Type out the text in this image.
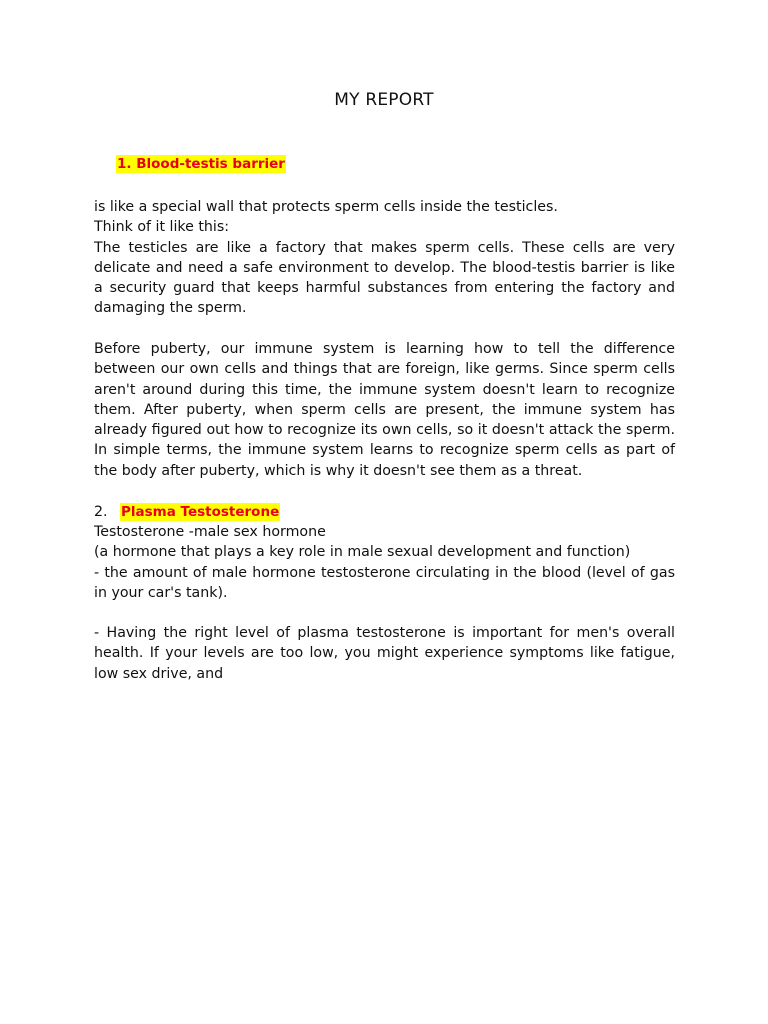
MY REPORT
1. Blood-testis barrier

is like a special wall that protects sperm cells inside the testicles.

Think of it like this:

The testicles are like a factory that makes sperm cells. These cells are very delicate and need a safe environment to develop. The blood-testis barrier is like a security guard that keeps harmful substances from entering the factory and damaging the sperm.

Before puberty, our immune system is learning how to tell the difference between our own cells and things that are foreign, like germs. Since sperm cells aren't around during this time, the immune system doesn't learn to recognize them. After puberty, when sperm cells are present, the immune system has already figured out how to recognize its own cells, so it doesn't attack the sperm. In simple terms, the immune system learns to recognize sperm cells as part of the body after puberty, which is why it doesn't see them as a threat.

2. Plasma Testosterone

Testosterone -male sex hormone

(a hormone that plays a key role in male sexual development and function)

- the amount of male hormone testosterone circulating in the blood (level of gas in your car's tank).

- Having the right level of plasma testosterone is important for men's overall health. If your levels are too low, you might experience symptoms like fatigue, low sex drive, and
